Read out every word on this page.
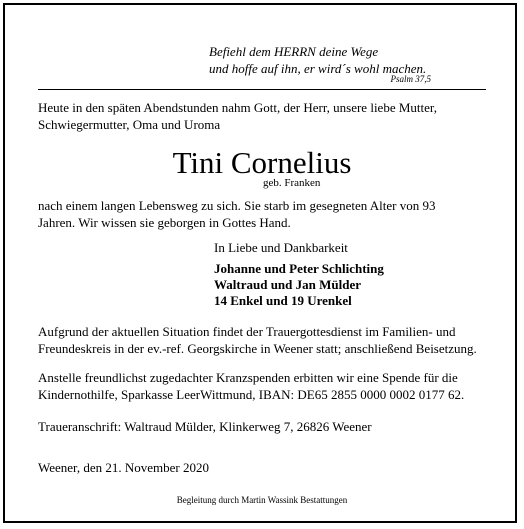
Befiehl dem HERRN deine Wege
und hoffe auf ihn, er wird´s wohl machen.
Psalm 37,5
Heute in den späten Abendstunden nahm Gott, der Herr, unsere liebe Mutter,
Schwiegermutter, Oma und Uroma
Tini Cornelius
geb. Franken
nach einem langen Lebensweg zu sich. Sie starb im gesegneten Alter von 93
Jahren. Wir wissen sie geborgen in Gottes Hand.
In Liebe und Dankbarkeit
Johanne und Peter Schlichting
Waltraud und Jan Mülder
14 Enkel und 19 Urenkel
Aufgrund der aktuellen Situation findet der Trauergottesdienst im Familien- und
Freundeskreis in der ev.-ref. Georgskirche in Weener statt; anschließend Beisetzung.
Anstelle freundlichst zugedachter Kranzspenden erbitten wir eine Spende für die
Kindernothilfe, Sparkasse LeerWittmund, IBAN: DE65 2855 0000 0002 0177 62.
Traueranschrift: Waltraud Mülder, Klinkerweg 7, 26826 Weener
Weener, den 21. November 2020
Begleitung durch Martin Wassink Bestattungen
